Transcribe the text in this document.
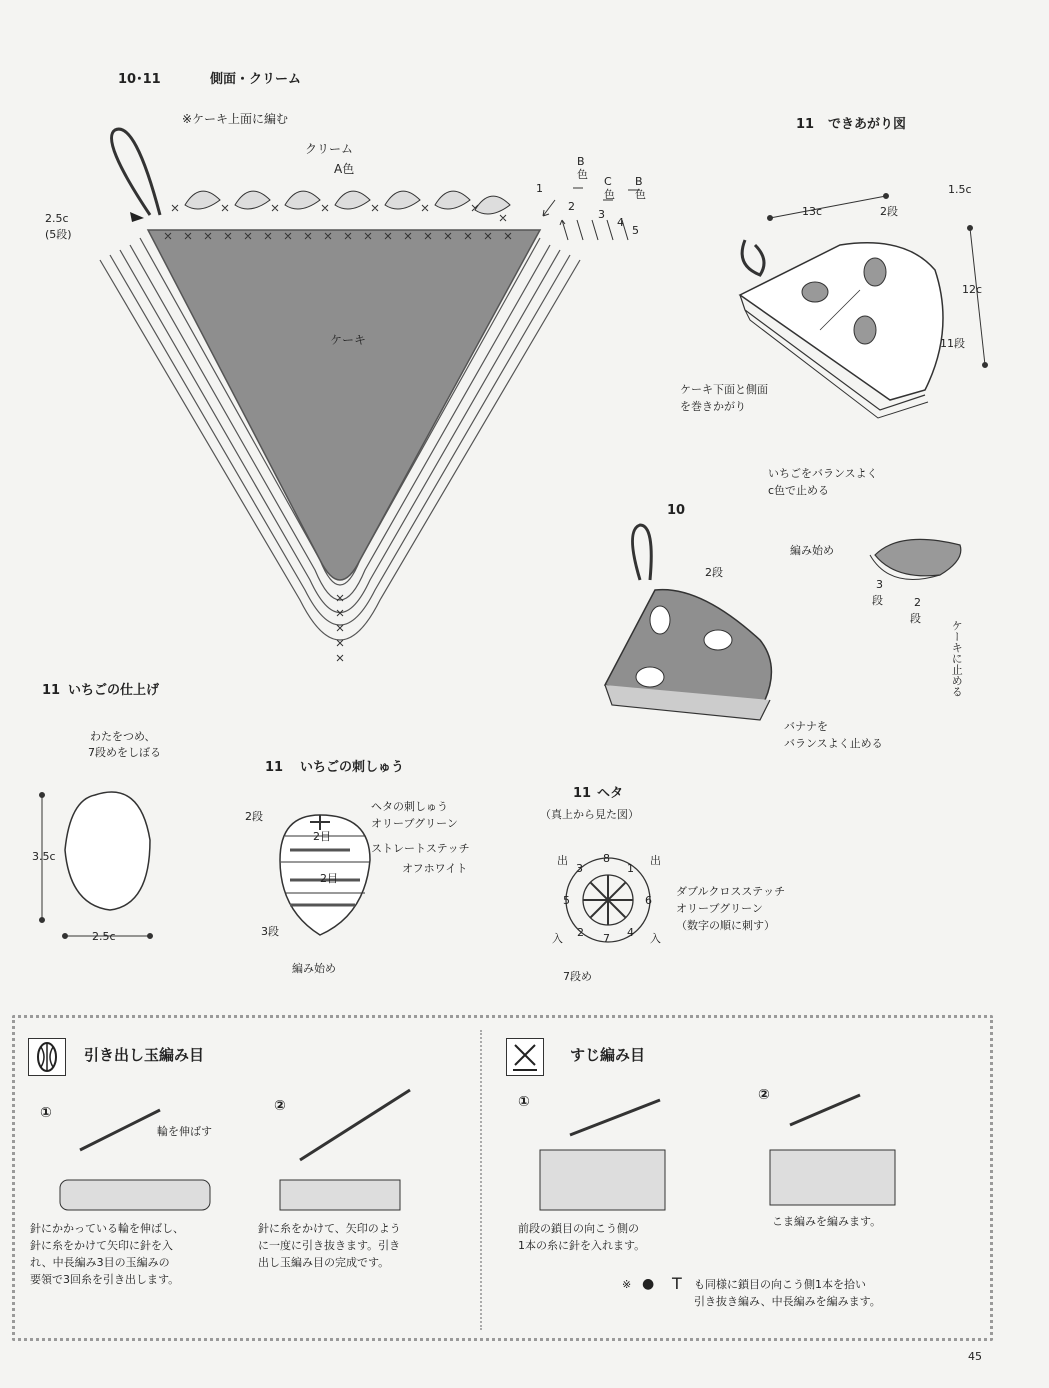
10･11	側面・クリーム
※ケーキ上面に編む
クリーム
A色
ケーキ
2.5c
(5段)
B
色
C
色
B
色
1
2
3
4
5
11 できあがり図
13c
12c
1.5c
2段
11段
ケーキ下面と側面
を巻きかがり
いちごをバランスよく
c色で止める
10
2段
バナナを
バランスよく止める
編み始め
3
段	2
段
ケーキに止める
11 いちごの仕上げ
わたをつめ、
7段めをしぼる
3.5c
2.5c
11 いちごの刺しゅう
2段
2目
2目
3段
編み始め
ヘタの刺しゅう
オリーブグリーン
ストレートステッチ
オフホワイト
11 ヘタ
（真上から見た図）
8
1
3
5	6
4
2 7
出	出
入	入
7段め
ダブルクロスステッチ
オリーブグリーン
（数字の順に刺す）
引き出し玉編み目
①	②
輪を伸ばす
針にかかっている輪を伸ばし、
針に糸をかけて矢印に針を入
れ、中長編み3目の玉編みの
要領で3回糸を引き出します。
針に糸をかけて、矢印のよう
に一度に引き抜きます。引き
出し玉編み目の完成です。
すじ編み目
①	②
前段の鎖目の向こう側の
1本の糸に針を入れます。
こま編みを編みます。
※ ● T も同様に鎖目の向こう側1本を拾い
引き抜き編み、中長編みを編みます。
45
